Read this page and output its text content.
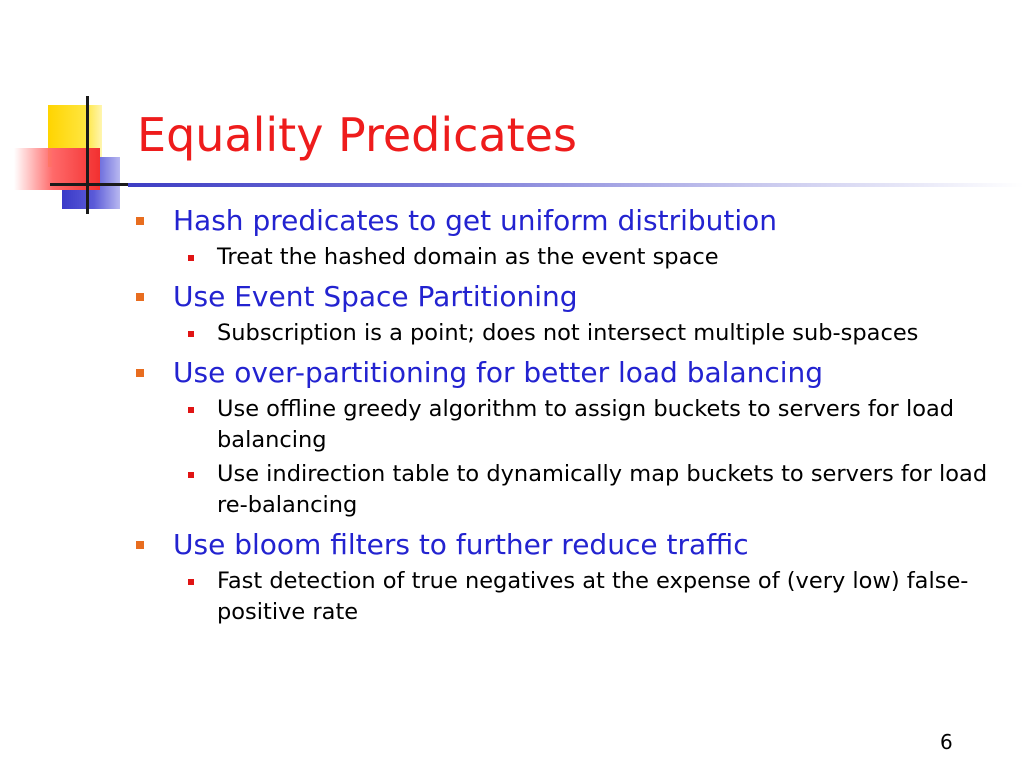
Equality Predicates
Hash predicates to get uniform distribution
Treat the hashed domain as the event space
Use Event Space Partitioning
Subscription is a point; does not intersect multiple sub-spaces
Use over-partitioning for better load balancing
Use offline greedy algorithm to assign buckets to servers for load balancing
Use indirection table to dynamically map buckets to servers for load re-balancing
Use bloom filters to further reduce traffic
Fast detection of true negatives at the expense of (very low) false-positive rate
6
